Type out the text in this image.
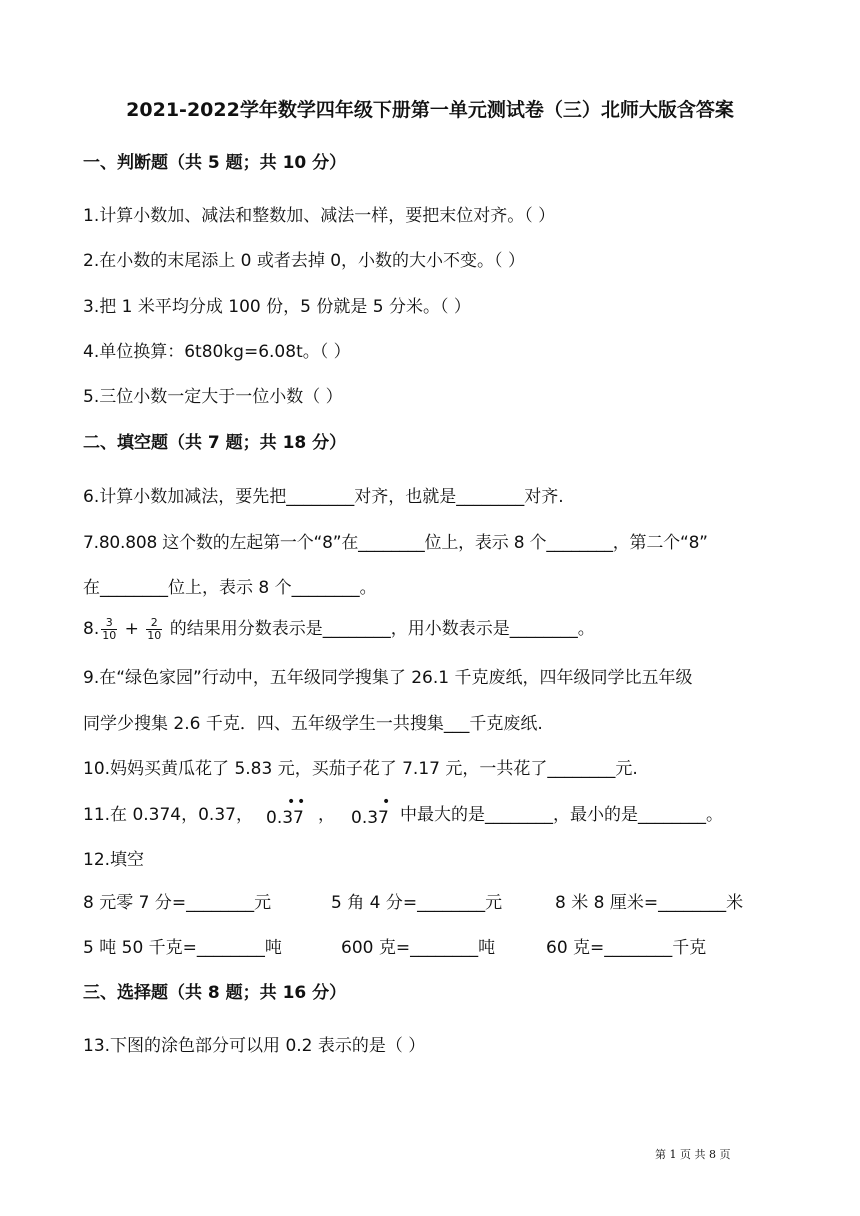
2021-2022学年数学四年级下册第一单元测试卷（三）北师大版含答案
一、判断题（共 5 题；共 10 分）
1.计算小数加、减法和整数加、减法一样，要把末位对齐。（ ）
2.在小数的末尾添上 0 或者去掉 0，小数的大小不变。（ ）
3.把 1 米平均分成 100 份，5 份就是 5 分米。（ ）
4.单位换算：6t80kg=6.08t。（ ）
5.三位小数一定大于一位小数（ ）
二、填空题（共 7 题；共 18 分）
6.计算小数加减法，要先把________对齐，也就是________对齐.
7.80.808 这个数的左起第一个“8”在________位上，表示 8 个________，第二个“8”
在________位上，表示 8 个________。
8. $\frac{3}{10} + \frac{2}{10}$ 的结果用分数表示是________，用小数表示是________。
9.在“绿色家园”行动中，五年级同学搜集了 26.1 千克废纸，四年级同学比五年级
同学少搜集 2.6 千克．四、五年级学生一共搜集___千克废纸.
10.妈妈买黄瓜花了 5.83 元，买茄子花了 7.17 元，一共花了________元.
11.在 0.374，0.37， 0.37
• •
， 0.37
•
中最大的是________，最小的是________。
12.填空
8 元零 7 分=________元	5 角 4 分=________元	8 米 8 厘米=________米
5 吨 50 千克=________吨	600 克=________吨	60 克=________千克
三、选择题（共 8 题；共 16 分）
13.下图的涂色部分可以用 0.2 表示的是（ ）
第 1 页 共 8 页
